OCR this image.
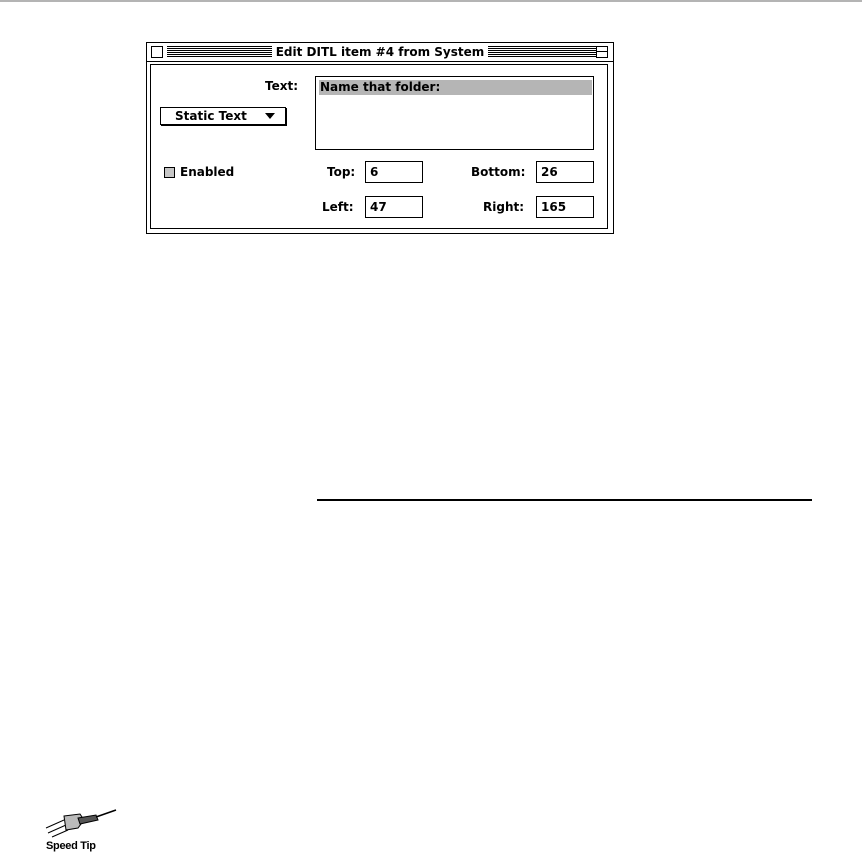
Edit DITL item #4 from System
Text:
Static Text
Name that folder:
Enabled	Top:	6	Bottom:	26
Left:	47	Right:	165
Speed Tip
